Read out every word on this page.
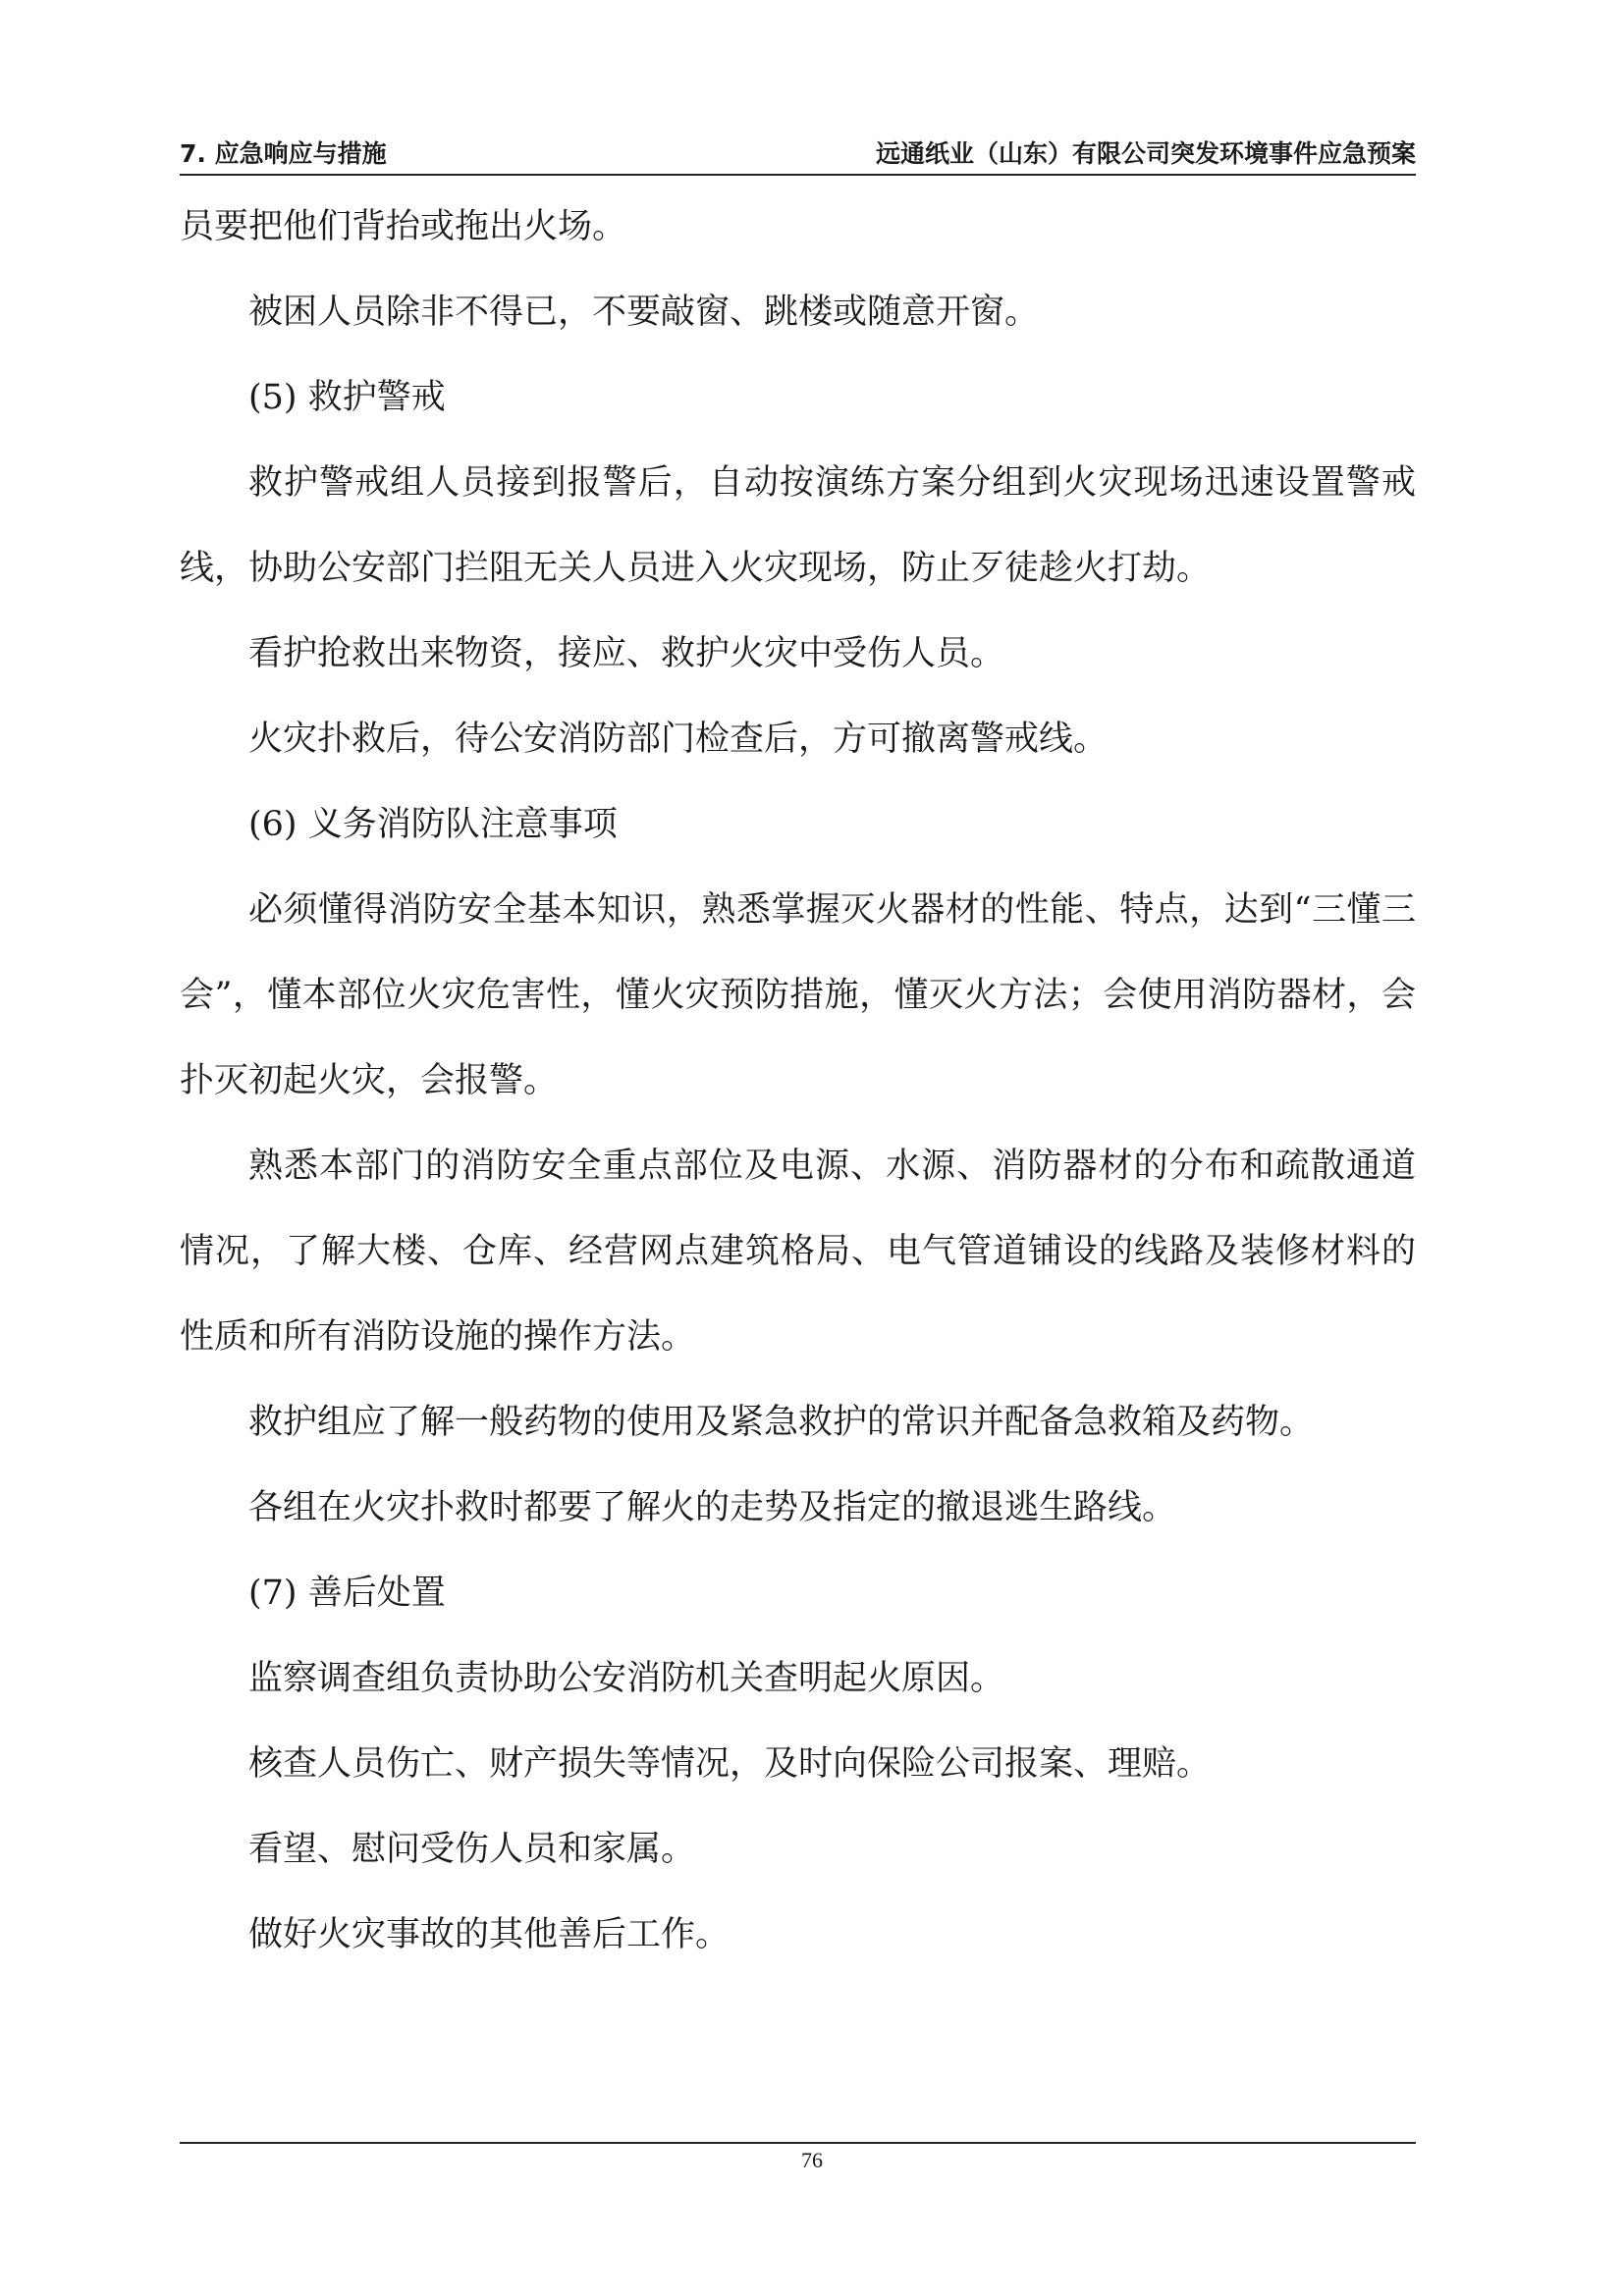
7. 应急响应与措施	远通纸业（山东）有限公司突发环境事件应急预案

员要把他们背抬或拖出火场。

被困人员除非不得已，不要敲窗、跳楼或随意开窗。

(5) 救护警戒

救护警戒组人员接到报警后，自动按演练方案分组到火灾现场迅速设置警戒线，协助公安部门拦阻无关人员进入火灾现场，防止歹徒趁火打劫。

看护抢救出来物资，接应、救护火灾中受伤人员。

火灾扑救后，待公安消防部门检查后，方可撤离警戒线。

(6) 义务消防队注意事项

必须懂得消防安全基本知识，熟悉掌握灭火器材的性能、特点，达到“三懂三会”，懂本部位火灾危害性，懂火灾预防措施，懂灭火方法；会使用消防器材，会扑灭初起火灾，会报警。

熟悉本部门的消防安全重点部位及电源、水源、消防器材的分布和疏散通道情况，了解大楼、仓库、经营网点建筑格局、电气管道铺设的线路及装修材料的性质和所有消防设施的操作方法。

救护组应了解一般药物的使用及紧急救护的常识并配备急救箱及药物。

各组在火灾扑救时都要了解火的走势及指定的撤退逃生路线。

(7) 善后处置

监察调查组负责协助公安消防机关查明起火原因。

核查人员伤亡、财产损失等情况，及时向保险公司报案、理赔。

看望、慰问受伤人员和家属。

做好火灾事故的其他善后工作。

76
